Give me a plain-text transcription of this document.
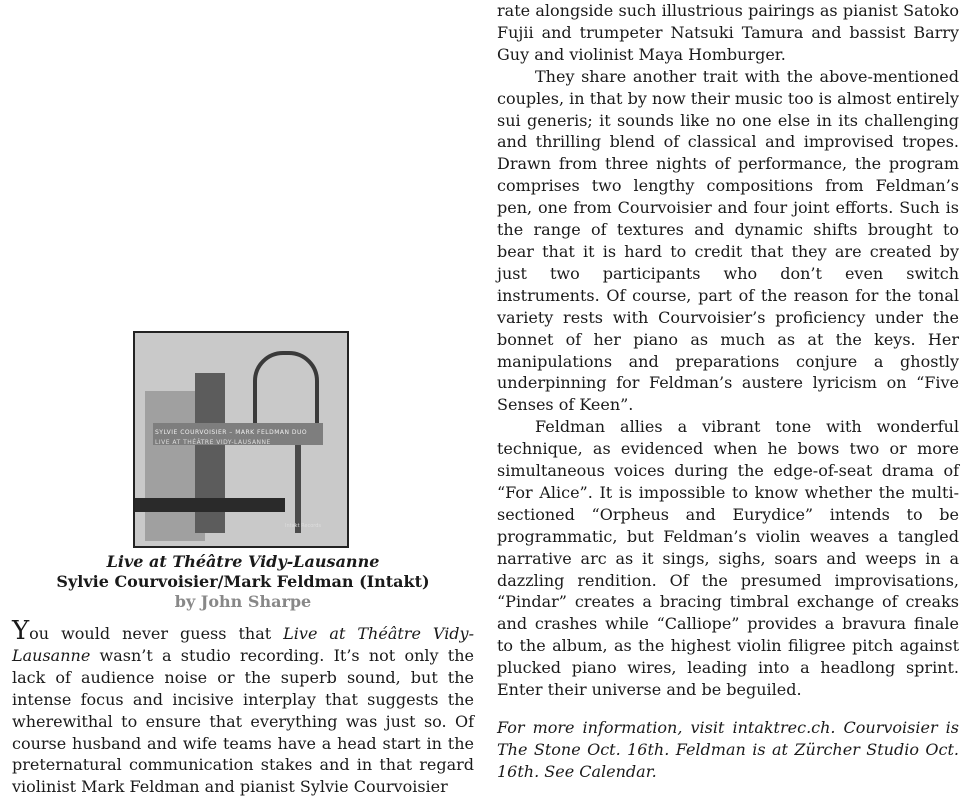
SYLVIE COURVOISIER – MARK FELDMAN DUO
LIVE AT THÉÂTRE VIDY-LAUSANNE
Intakt Records
Live at Théâtre Vidy-Lausanne
Sylvie Courvoisier/Mark Feldman (Intakt)
by John Sharpe

You would never guess that Live at Théâtre Vidy-Lausanne wasn’t a studio recording. It’s not only the lack of audience noise or the superb sound, but the intense focus and incisive interplay that suggests the wherewithal to ensure that everything was just so. Of course husband and wife teams have a head start in the preternatural communication stakes and in that regard violinist Mark Feldman and pianist Sylvie Courvoisier

rate alongside such illustrious pairings as pianist Satoko Fujii and trumpeter Natsuki Tamura and bassist Barry Guy and violinist Maya Homburger.

They share another trait with the above-mentioned couples, in that by now their music too is almost entirely sui generis; it sounds like no one else in its challenging and thrilling blend of classical and improvised tropes. Drawn from three nights of performance, the program comprises two lengthy compositions from Feldman’s pen, one from Courvoisier and four joint efforts. Such is the range of textures and dynamic shifts brought to bear that it is hard to credit that they are created by just two participants who don’t even switch instruments. Of course, part of the reason for the tonal variety rests with Courvoisier’s proficiency under the bonnet of her piano as much as at the keys. Her manipulations and preparations conjure a ghostly underpinning for Feldman’s austere lyricism on “Five Senses of Keen”.

Feldman allies a vibrant tone with wonderful technique, as evidenced when he bows two or more simultaneous voices during the edge-of-seat drama of “For Alice”. It is impossible to know whether the multi-sectioned “Orpheus and Eurydice” intends to be programmatic, but Feldman’s violin weaves a tangled narrative arc as it sings, sighs, soars and weeps in a dazzling rendition. Of the presumed improvisations, “Pindar” creates a bracing timbral exchange of creaks and crashes while “Calliope” provides a bravura finale to the album, as the highest violin filigree pitch against plucked piano wires, leading into a headlong sprint. Enter their universe and be beguiled.

For more information, visit intaktrec.ch. Courvoisier is The Stone Oct. 16th. Feldman is at Zürcher Studio Oct. 16th. See Calendar.
